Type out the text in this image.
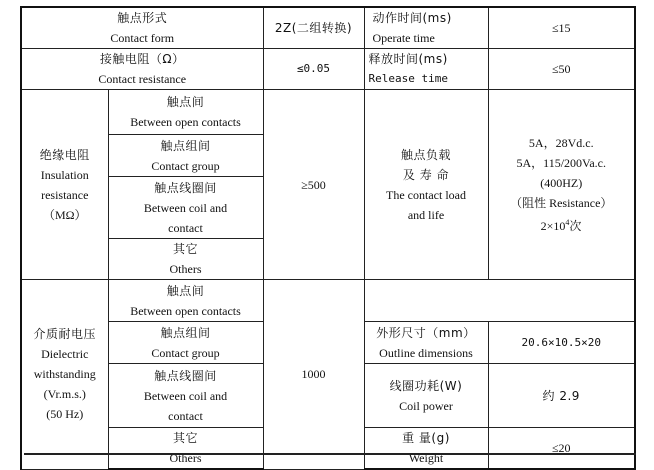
触点形式
Contact form		2Z(二组转换)	动作时间(ms)
Operate time	≤15

接触电阻（Ω）
Contact resistance		≤0.05	释放时间(ms)
Release time	≤50

绝缘电阻
Insulation
resistance
（MΩ）	触点间
Between open contacts	≥500	触点负载
及 寿 命
The contact load
and life	5A，28Vd.c.
5A，115/200Va.c.
(400HZ)
（阻性 Resistance）
$2\times 10^4$次

	触点组间
Contact group			

	触点线圈间
Between coil and
contact			

	其它
Others			

介质耐电压
Dielectric
withstanding
(Vr.m.s.)
(50 Hz)	触点间
Between open contacts	1000		

	触点组间
Contact group		外形尺寸（mm）
Outline dimensions	20.6×10.5×20

	触点线圈间
Between coil and
contact		线圈功耗(W)
Coil power	约 2.9

	其它
Others		重 量(g)
Weight	≤20
